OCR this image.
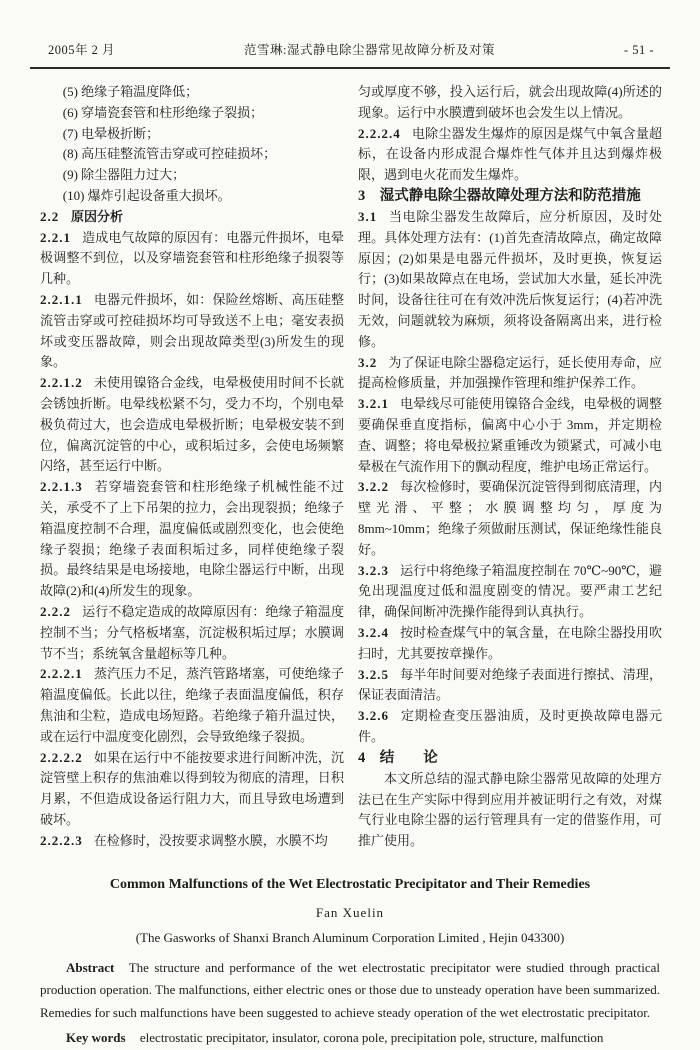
2005年 2 月	范雪琳:湿式静电除尘器常见故障分析及对策	- 51 -

(5) 绝缘子箱温度降低；

(6) 穿墙瓷套管和柱形绝缘子裂损；

(7) 电晕极折断；

(8) 高压硅整流管击穿或可控硅损坏；

(9) 除尘器阻力过大；

(10) 爆炸引起设备重大损坏。

2.2 原因分析

2.2.1 造成电气故障的原因有：电器元件损坏，电晕极调整不到位，以及穿墙瓷套管和柱形绝缘子损裂等几种。

2.2.1.1 电器元件损坏，如：保险丝熔断、高压硅整流管击穿或可控硅损坏均可导致送不上电；毫安表损坏或变压器故障，则会出现故障类型(3)所发生的现象。

2.2.1.2 未使用镍铬合金线，电晕极使用时间不长就会锈蚀折断。电晕线松紧不匀，受力不均，个别电晕极负荷过大，也会造成电晕极折断；电晕极安装不到位，偏离沉淀管的中心，或积垢过多，会使电场频繁闪络，甚至运行中断。

2.2.1.3 若穿墙瓷套管和柱形绝缘子机械性能不过关，承受不了上下吊架的拉力，会出现裂损；绝缘子箱温度控制不合理，温度偏低或剧烈变化，也会使绝缘子裂损；绝缘子表面积垢过多，同样使绝缘子裂损。最终结果是电场接地，电除尘器运行中断，出现故障(2)和(4)所发生的现象。

2.2.2 运行不稳定造成的故障原因有：绝缘子箱温度控制不当；分气格板堵塞，沉淀极积垢过厚；水膜调节不当；系统氧含量超标等几种。

2.2.2.1 蒸汽压力不足，蒸汽管路堵塞，可使绝缘子箱温度偏低。长此以往，绝缘子表面温度偏低，积存焦油和尘粒，造成电场短路。若绝缘子箱升温过快，或在运行中温度变化剧烈，会导致绝缘子裂损。

2.2.2.2 如果在运行中不能按要求进行间断冲洗，沉淀管壁上积存的焦油难以得到较为彻底的清理，日积月累，不但造成设备运行阻力大，而且导致电场遭到破坏。

2.2.2.3 在检修时，没按要求调整水膜，水膜不均

匀或厚度不够，投入运行后，就会出现故障(4)所述的现象。运行中水膜遭到破坏也会发生以上情况。

2.2.2.4 电除尘器发生爆炸的原因是煤气中氧含量超标，在设备内形成混合爆炸性气体并且达到爆炸极限，遇到电火花而发生爆炸。

3 湿式静电除尘器故障处理方法和防范措施

3.1 当电除尘器发生故障后，应分析原因，及时处理。具体处理方法有：(1)首先查清故障点，确定故障原因；(2)如果是电器元件损坏，及时更换，恢复运行；(3)如果故障点在电场，尝试加大水量，延长冲洗时间，设备往往可在有效冲洗后恢复运行；(4)若冲洗无效，问题就较为麻烦，须将设备隔离出来，进行检修。

3.2 为了保证电除尘器稳定运行，延长使用寿命，应提高检修质量，并加强操作管理和维护保养工作。

3.2.1 电晕线尽可能使用镍铬合金线，电晕极的调整要确保垂直度指标，偏离中心小于 3mm，并定期检查、调整；将电晕极拉紧重锤改为锁紧式，可减小电晕极在气流作用下的飘动程度，维护电场正常运行。

3.2.2 每次检修时，要确保沉淀管得到彻底清理，内壁光滑、平整；水膜调整均匀，厚度为 8mm~10mm；绝缘子须做耐压测试，保证绝缘性能良好。

3.2.3 运行中将绝缘子箱温度控制在 70℃~90℃，避免出现温度过低和温度剧变的情况。要严肃工艺纪律，确保间断冲洗操作能得到认真执行。

3.2.4 按时检查煤气中的氧含量，在电除尘器投用吹扫时，尤其要按章操作。

3.2.5 每半年时间要对绝缘子表面进行擦拭、清理，保证表面清洁。

3.2.6 定期检查变压器油质，及时更换故障电器元件。

4 结　　论

本文所总结的湿式静电除尘器常见故障的处理方法已在生产实际中得到应用并被证明行之有效，对煤气行业电除尘器的运行管理具有一定的借鉴作用，可推广使用。

Common Malfunctions of the Wet Electrostatic Precipitator and Their Remedies

Fan Xuelin

(The Gasworks of Shanxi Branch Aluminum Corporation Limited , Hejin 043300)

Abstract The structure and performance of the wet electrostatic precipitator were studied through practical production operation. The malfunctions, either electric ones or those due to unsteady operation have been summarized. Remedies for such malfunctions have been suggested to achieve steady operation of the wet electrostatic precipitator.

Key words electrostatic precipitator, insulator, corona pole, precipitation pole, structure, malfunction
